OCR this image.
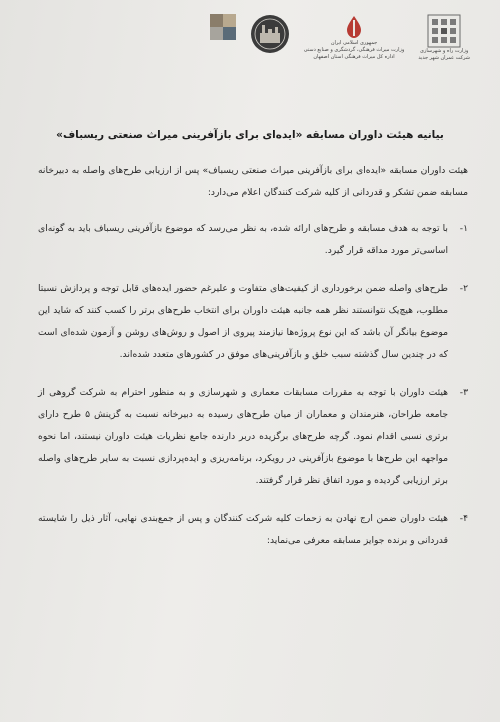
وزارت راه و شهرسازی
شرکت عمران شهر جدید
جمهوری اسلامی ایران
وزارت میراث فرهنگی، گردشگری و صنایع دستی
اداره کل میراث فرهنگی استان اصفهان
بیانیه هیئت داوران مسابقه «ایده‌ای برای بازآفرینی میراث صنعتی ریسباف»

هیئت داوران مسابقه «ایده‌ای برای بازآفرینی میراث صنعتی ریسباف» پس از ارزیابی طرح‌های واصله به دبیرخانه مسابقه ضمن تشکر و قدردانی از کلیه شرکت کنندگان اعلام می‌دارد:

۱-
با توجه به هدف مسابقه و طرح‌های ارائه شده، به نظر می‌رسد که موضوع بازآفرینی ریسباف باید به گونه‌ای اساسی‌تر مورد مداقه قرار گیرد.
۲-
طرح‌های واصله ضمن برخورداری از کیفیت‌های متفاوت و علیرغم حضور ایده‌های قابل توجه و پردازش نسبتا مطلوب، هیچ‌یک نتوانستند نظر همه جانبه هیئت داوران برای انتخاب طرح‌های برتر را کسب کنند که شاید این موضوع بیانگر آن باشد که این نوع پروژه‌ها نیازمند پیروی از اصول و روش‌های روشن و آزمون شده‌ای است که در چندین سال گذشته سبب خلق و بازآفرینی‌های موفق در کشورهای متعدد شده‌اند.
۳-
هیئت داوران با توجه به مقررات مسابقات معماری و شهرسازی و به منظور احترام به شرکت گروهی از جامعه طراحان، هنرمندان و معماران از میان طرح‌های رسیده به دبیرخانه نسبت به گزینش ۵ طرح دارای برتری نسبی اقدام نمود. گرچه طرح‌های برگزیده دربر دارنده جامع نظریات هیئت داوران نیستند، اما نحوه مواجهه این طرح‌ها با موضوع بازآفرینی در رویکرد، برنامه‌ریزی و ایده‌پردازی نسبت به سایر طرح‌های واصله برتر ارزیابی گردیده و مورد اتفاق نظر قرار گرفتند.
۴-
هیئت داوران ضمن ارج نهادن به زحمات کلیه شرکت کنندگان و پس از جمع‌بندی نهایی، آثار ذیل را شایسته قدردانی و برنده جوایز مسابقه معرفی می‌نماید:
